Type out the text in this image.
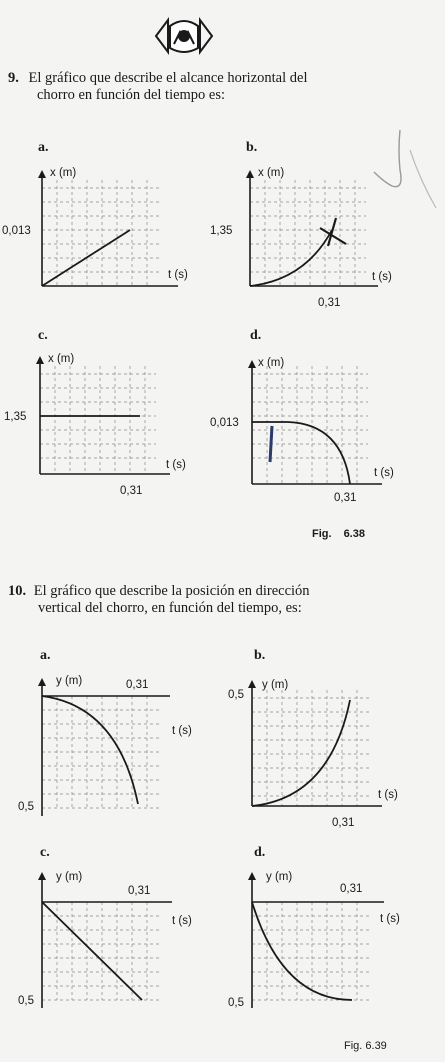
9. El gráfico que describe el alcance horizontal del
chorro en función del tiempo es:
a.
x (m)
t (s)
0,013
b.
x (m)
t (s)
1,35
0,31
c.
x (m)
t (s)
1,35
0,31
d.
x (m)
t (s)
0,013
0,31
Fig. 6.38
10. El gráfico que describe la posición en dirección
vertical del chorro, en función del tiempo, es:
a.
y (m)
t (s)
0,5
0,31
b.
y (m)
t (s)
0,5
0,31
c.
y (m)
t (s)
0,5
0,31
d.
y (m)
t (s)
0,5
0,31
Fig. 6.39
